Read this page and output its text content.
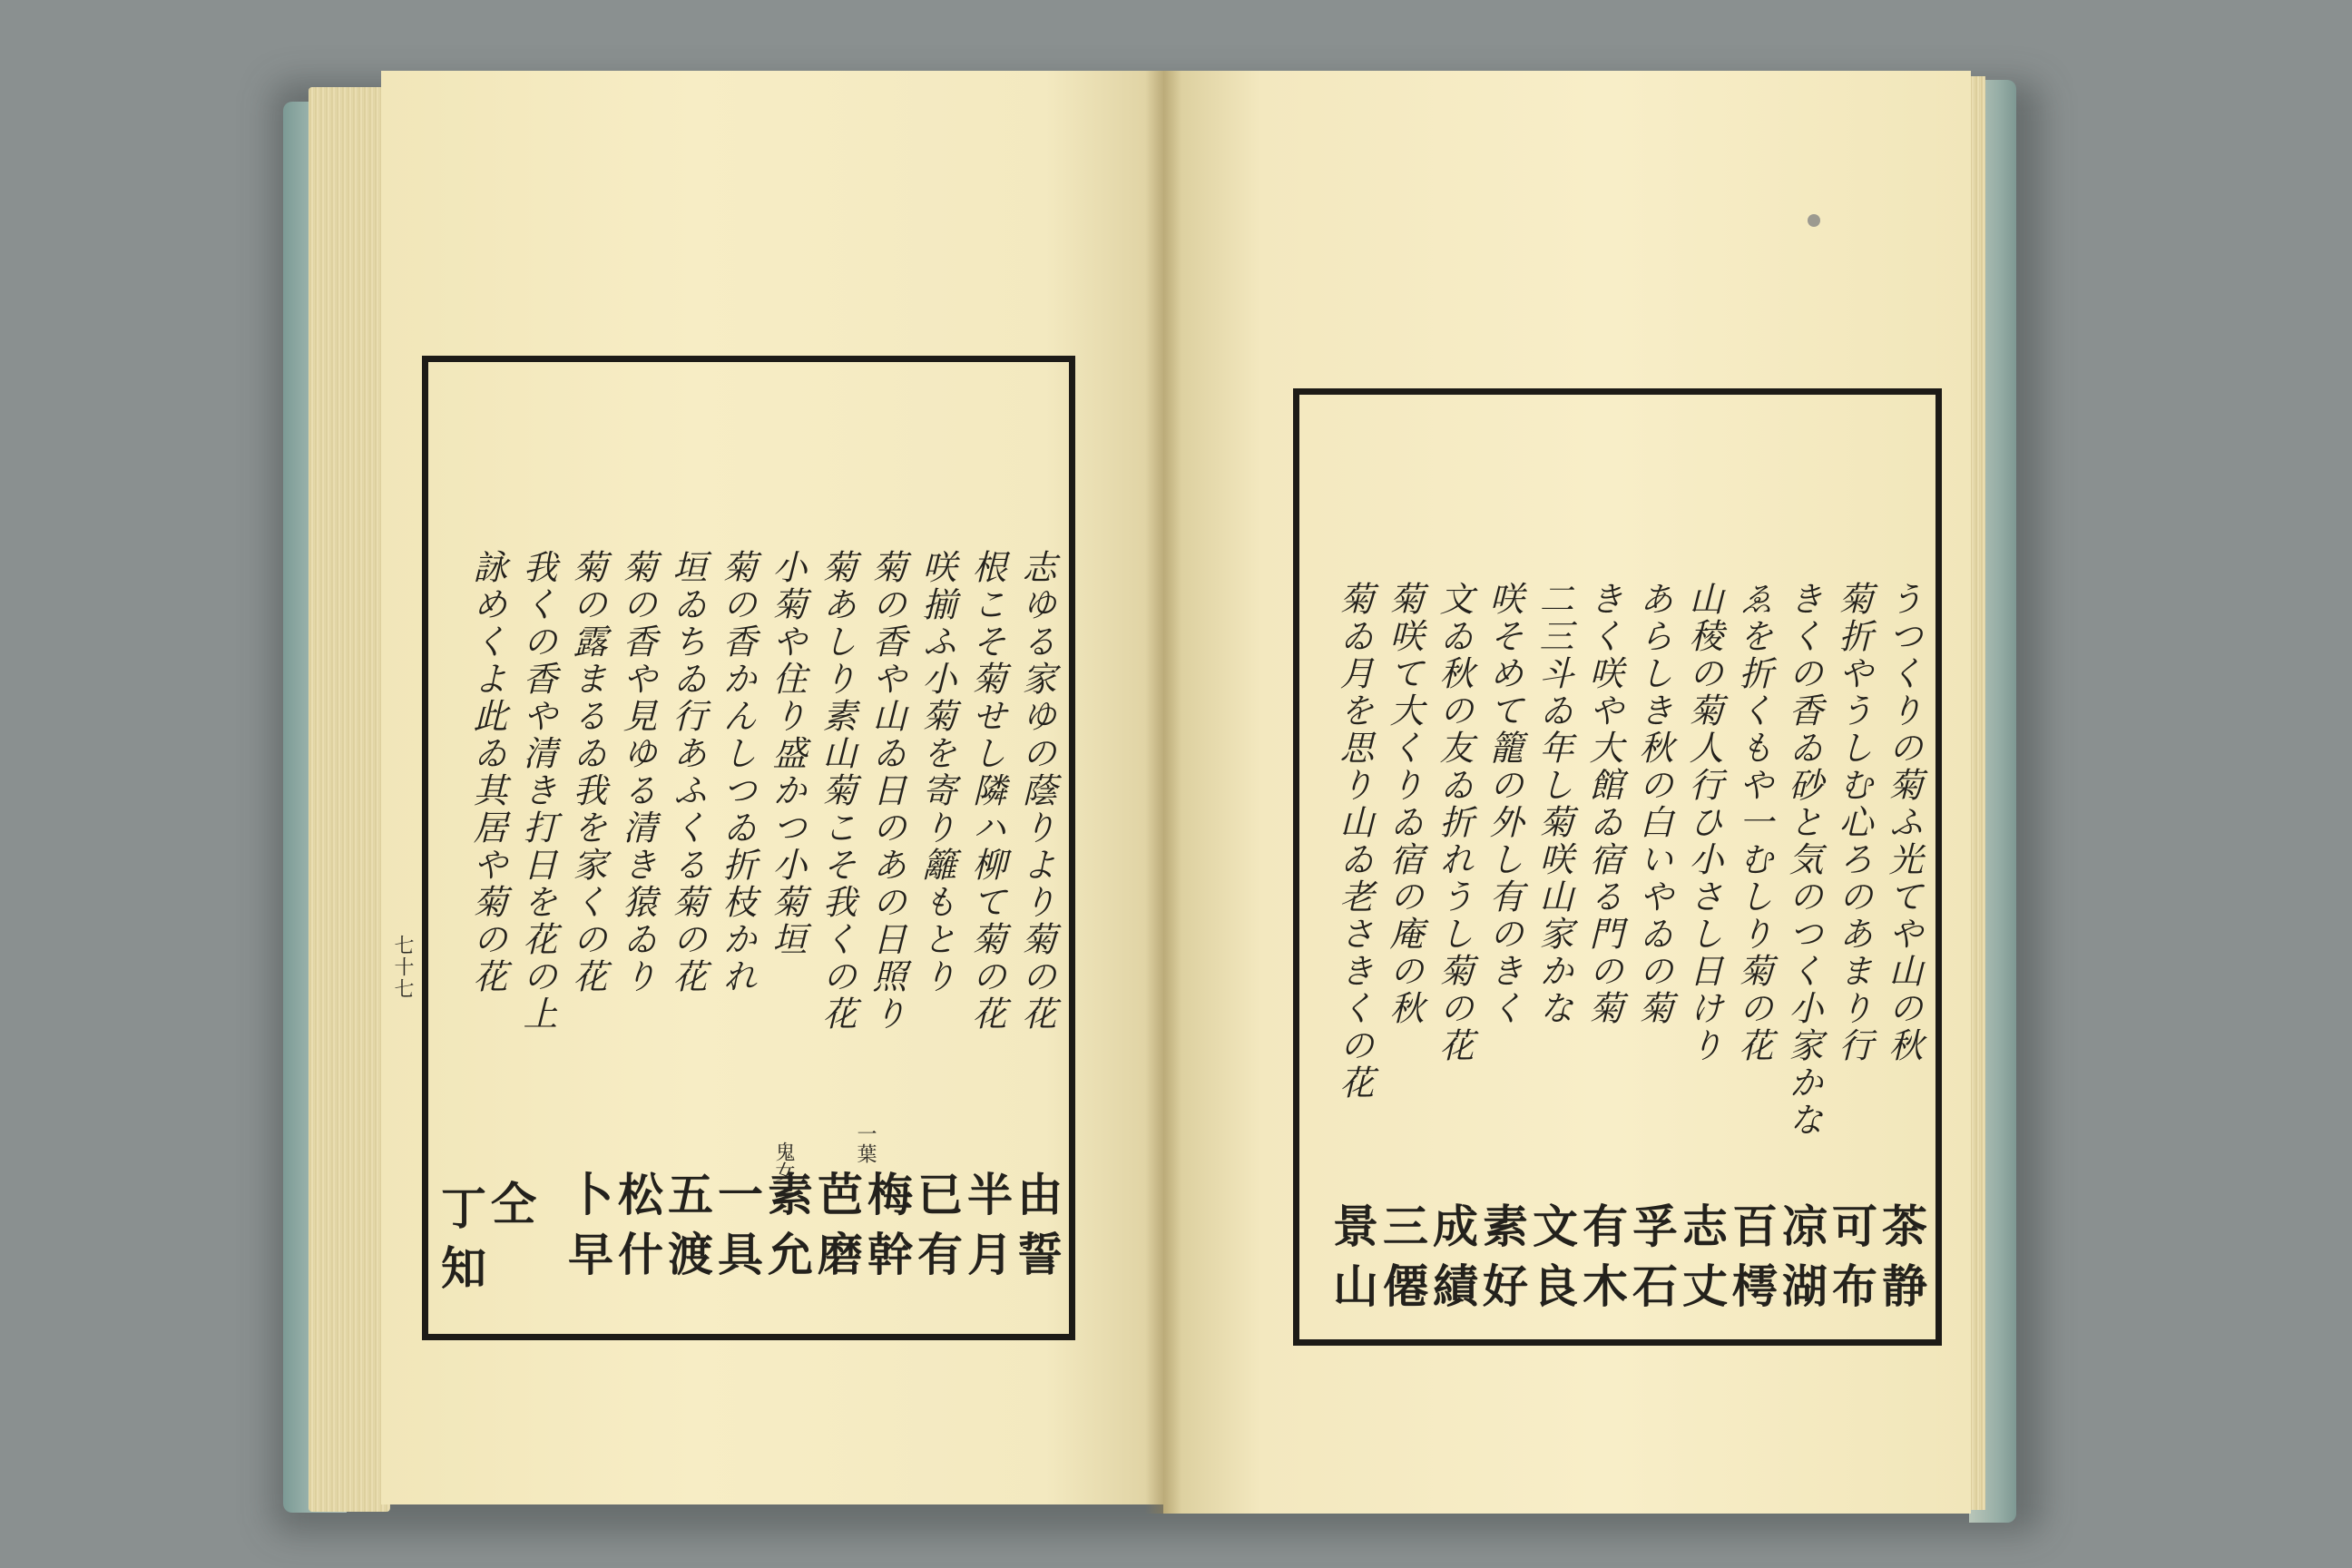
七十七	志ゆる家ゆの蔭りより菊の花
根こそ菊せし隣ハ柳て菊の花
咲揃ふ小菊を寄り籬もとり
菊の香や山ゐ日のあの日照り
菊あしり素山菊こそ我くの花
小菊や住り盛かつ小菊垣
菊の香かんしつゐ折枝かれ
垣ゐちゐ行あふくる菊の花
菊の香や見ゆる清き猿ゐり
菊の露まるゐ我を家くの花
我くの香や清き打日を花の上
詠めくよ此ゐ其居や菊の花
一葉
鬼女
由誓
半月
已有
梅幹
芭磨
素允
一具
五渡
松什
卜早
仝
丁知
うつくりの菊ふ光てや山の秋
菊折やうしむ心ろのあまり行
きくの香ゐ砂と気のつく小家かな
ゑを折くもや一むしり菊の花
山稜の菊人行ひ小さし日けり
あらしき秋の白いやゐの菊
きく咲や大館ゐ宿る門の菊
二三斗ゐ年し菊咲山家かな
咲そめて籠の外し有のきく
文ゐ秋の友ゐ折れうし菊の花
菊咲て大くりゐ宿の庵の秋
菊ゐ月を思り山ゐ老さきくの花
茶静
可布
凉湖
百樗
志丈
孚石
有木
文良
素好
成績
三僊
景山
